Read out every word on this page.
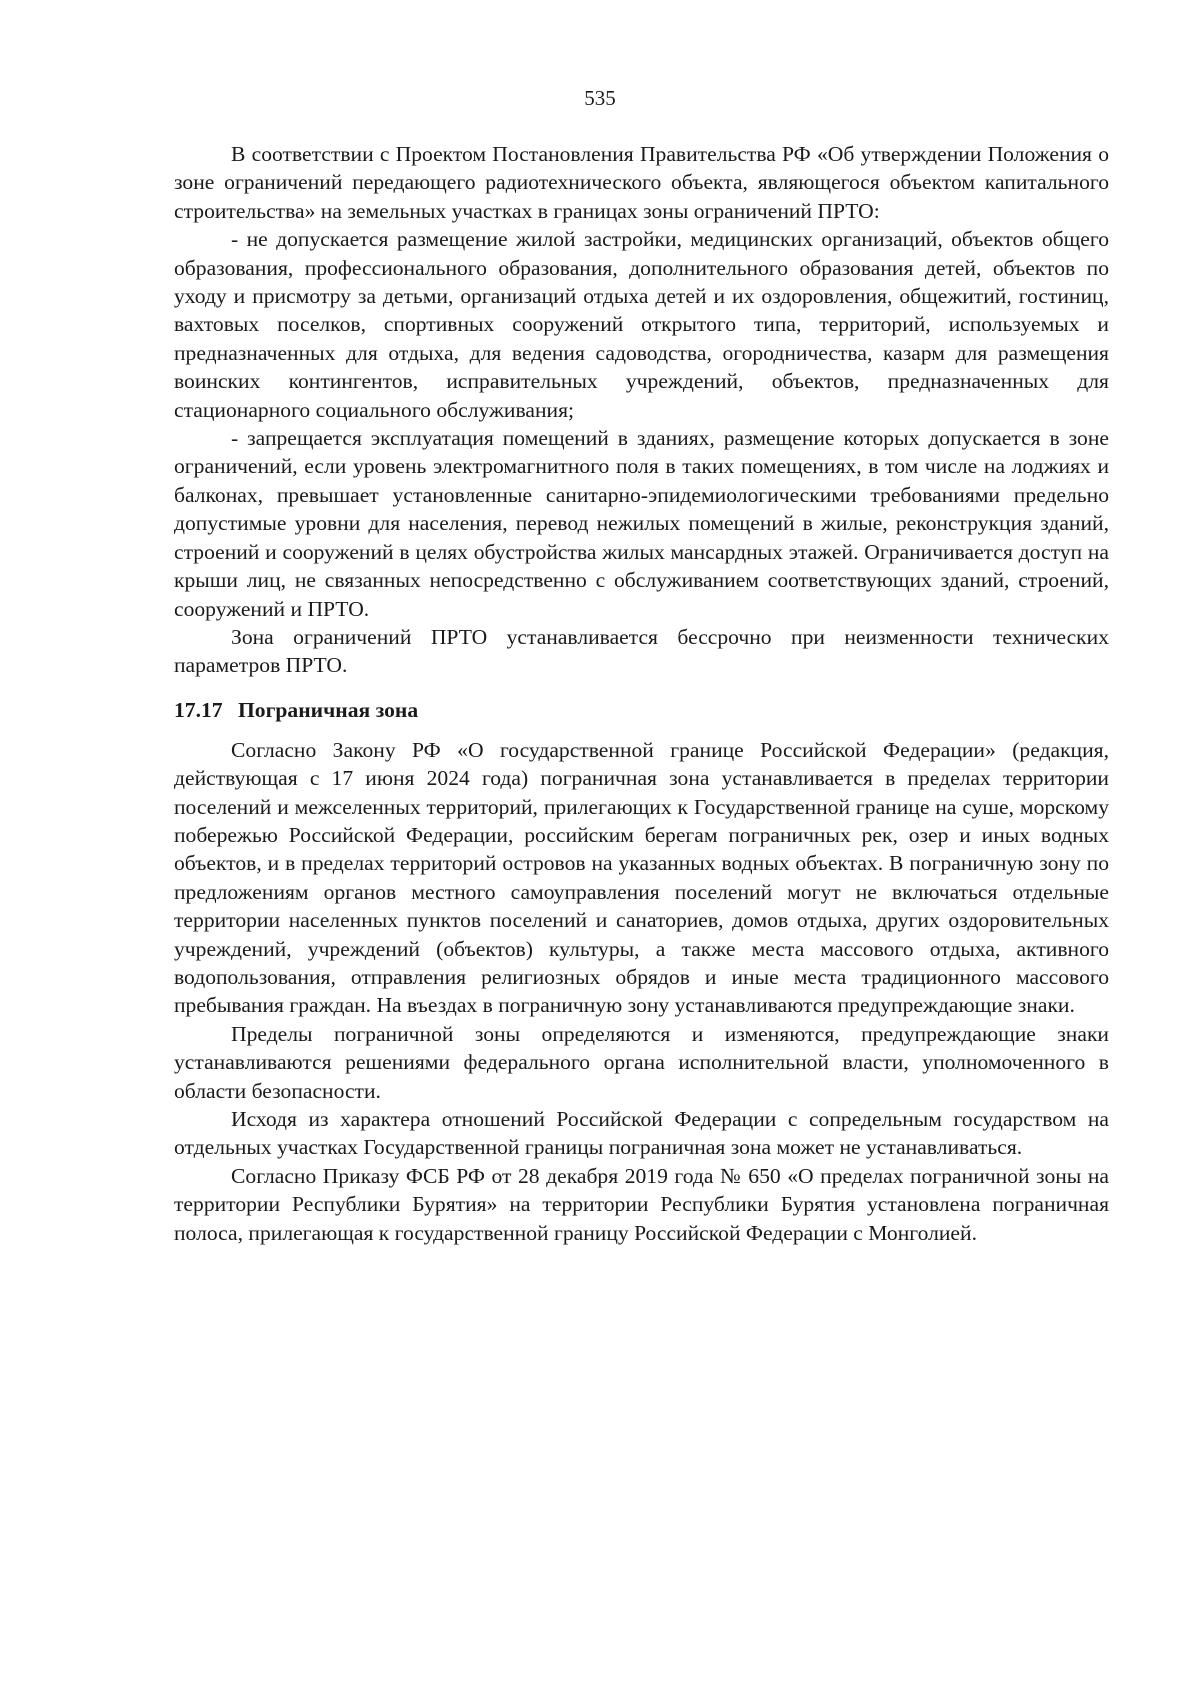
535

В соответствии с Проектом Постановления Правительства РФ «Об утверждении Положения о зоне ограничений передающего радиотехнического объекта, являющегося объектом капитального строительства» на земельных участках в границах зоны ограничений ПРТО:

- не допускается размещение жилой застройки, медицинских организаций, объектов общего образования, профессионального образования, дополнительного образования детей, объектов по уходу и присмотру за детьми, организаций отдыха детей и их оздоровления, общежитий, гостиниц, вахтовых поселков, спортивных сооружений открытого типа, территорий, используемых и предназначенных для отдыха, для ведения садоводства, огородничества, казарм для размещения воинских контингентов, исправительных учреждений, объектов, предназначенных для стационарного социального обслуживания;

- запрещается эксплуатация помещений в зданиях, размещение которых допускается в зоне ограничений, если уровень электромагнитного поля в таких помещениях, в том числе на лоджиях и балконах, превышает установленные санитарно-эпидемиологическими требованиями предельно допустимые уровни для населения, перевод нежилых помещений в жилые, реконструкция зданий, строений и сооружений в целях обустройства жилых мансардных этажей. Ограничивается доступ на крыши лиц, не связанных непосредственно с обслуживанием соответствующих зданий, строений, сооружений и ПРТО.

Зона ограничений ПРТО устанавливается бессрочно при неизменности технических параметров ПРТО.

17.17 Пограничная зона

Согласно Закону РФ «О государственной границе Российской Федерации» (редакция, действующая с 17 июня 2024 года) пограничная зона устанавливается в пределах территории поселений и межселенных территорий, прилегающих к Государственной границе на суше, морскому побережью Российской Федерации, российским берегам пограничных рек, озер и иных водных объектов, и в пределах территорий островов на указанных водных объектах. В пограничную зону по предложениям органов местного самоуправления поселений могут не включаться отдельные территории населенных пунктов поселений и санаториев, домов отдыха, других оздоровительных учреждений, учреждений (объектов) культуры, а также места массового отдыха, активного водопользования, отправления религиозных обрядов и иные места традиционного массового пребывания граждан. На въездах в пограничную зону устанавливаются предупреждающие знаки.

Пределы пограничной зоны определяются и изменяются, предупреждающие знаки устанавливаются решениями федерального органа исполнительной власти, уполномоченного в области безопасности.

Исходя из характера отношений Российской Федерации с сопредельным государством на отдельных участках Государственной границы пограничная зона может не устанавливаться.

Согласно Приказу ФСБ РФ от 28 декабря 2019 года № 650 «О пределах пограничной зоны на территории Республики Бурятия» на территории Республики Бурятия установлена пограничная полоса, прилегающая к государственной границу Российской Федерации с Монголией.
